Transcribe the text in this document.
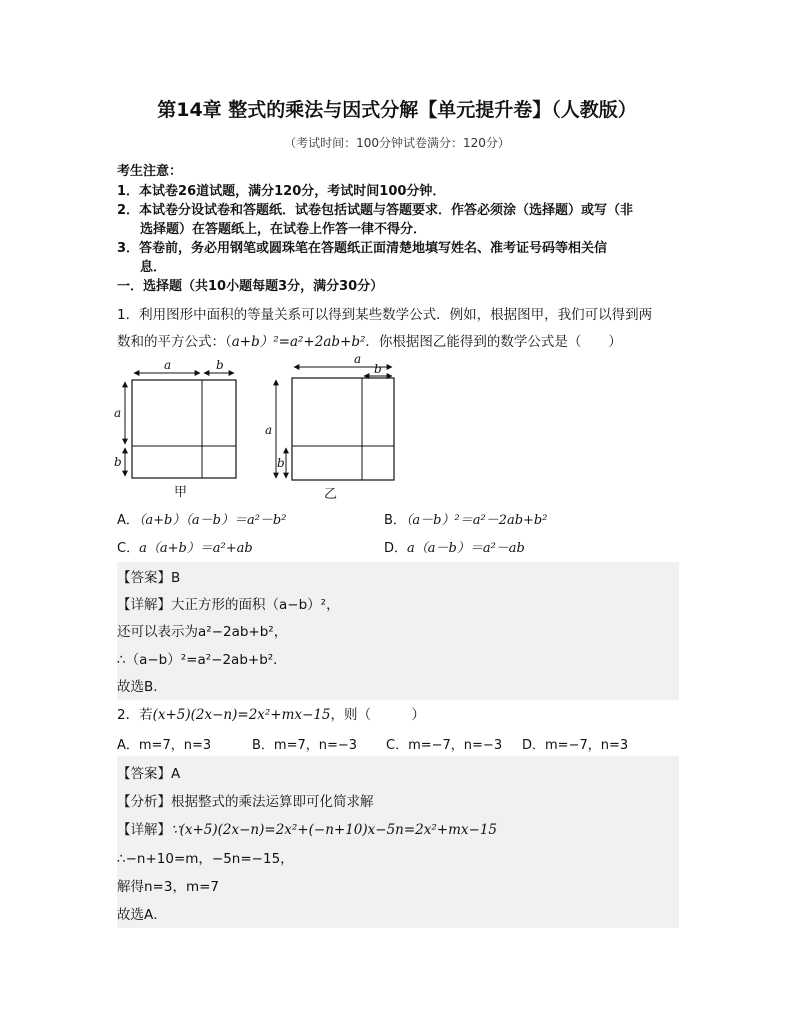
第14章 整式的乘法与因式分解【单元提升卷】（人教版）
（考试时间：100分钟试卷满分：120分）
考生注意：
1．本试卷26道试题，满分120分，考试时间100分钟．
2．本试卷分设试卷和答题纸．试卷包括试题与答题要求．作答必须涂（选择题）或写（非
选择题）在答题纸上，在试卷上作答一律不得分．
3．答卷前，务必用钢笔或圆珠笔在答题纸正面清楚地填写姓名、准考证号码等相关信
息．
一．选择题（共10小题每题3分，满分30分）
1．利用图形中面积的等量关系可以得到某些数学公式．例如，根据图甲，我们可以得到两
数和的平方公式：（a+b）²=a²+2ab+b²．你根据图乙能得到的数学公式是（　　）
a	b
a
b
甲
a
b
a
b
乙
A．（a+b）（a－b）＝a²－b²	B．（a－b）²＝a²－2ab+b²
C．a（a+b）＝a²+ab	D．a（a－b）＝a²－ab
【答案】B
【详解】大正方形的面积（a−b）²，
还可以表示为a²−2ab+b²，
∴（a−b）²=a²−2ab+b²．
故选B．
2．若(x+5)(2x−n)=2x²+mx−15，则（　　　）
A．m=7，n=3	B．m=7，n=−3 C．m=−7，n=−3 D．m=−7，n=3
【答案】A
【分析】根据整式的乘法运算即可化简求解
【详解】∵(x+5)(2x−n)=2x²+(−n+10)x−5n=2x²+mx−15
∴−n+10=m，−5n=−15，
解得n=3，m=7
故选A．
